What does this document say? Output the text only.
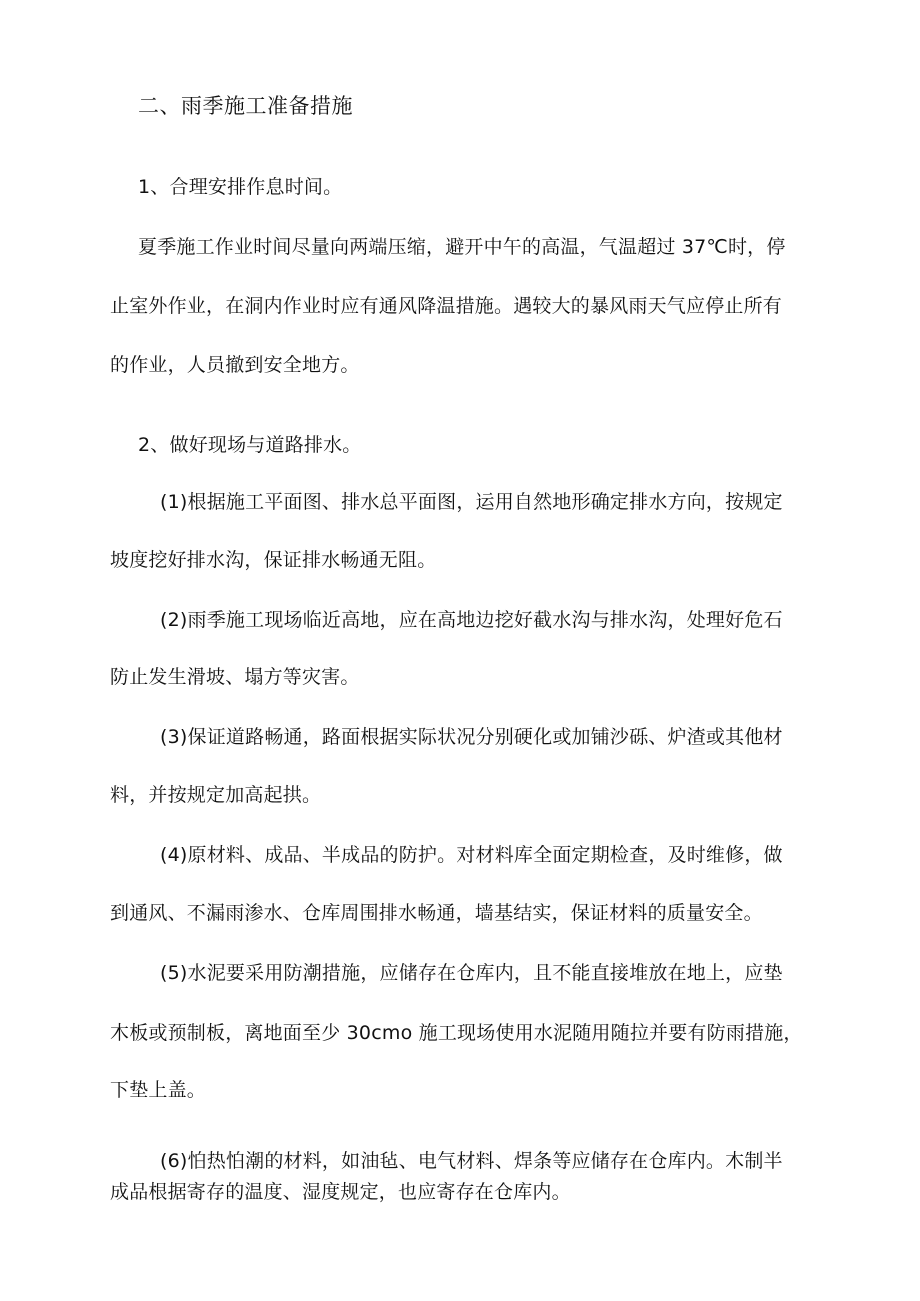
二、雨季施工准备措施
1、合理安排作息时间。
夏季施工作业时间尽量向两端压缩，避开中午的高温，气温超过 37℃时，停
止室外作业，在洞内作业时应有通风降温措施。遇较大的暴风雨天气应停止所有
的作业，人员撤到安全地方。
2、做好现场与道路排水。
(1)根据施工平面图、排水总平面图，运用自然地形确定排水方向，按规定
坡度挖好排水沟，保证排水畅通无阻。
(2)雨季施工现场临近高地，应在高地边挖好截水沟与排水沟，处理好危石
防止发生滑坡、塌方等灾害。
(3)保证道路畅通，路面根据实际状况分别硬化或加铺沙砾、炉渣或其他材
料，并按规定加高起拱。
(4)原材料、成品、半成品的防护。对材料库全面定期检查，及时维修，做
到通风、不漏雨渗水、仓库周围排水畅通，墙基结实，保证材料的质量安全。
(5)水泥要采用防潮措施，应储存在仓库内，且不能直接堆放在地上，应垫
木板或预制板，离地面至少 30cmo 施工现场使用水泥随用随拉并要有防雨措施，
下垫上盖。
(6)怕热怕潮的材料，如油毡、电气材料、焊条等应储存在仓库内。木制半
成品根据寄存的温度、湿度规定，也应寄存在仓库内。
